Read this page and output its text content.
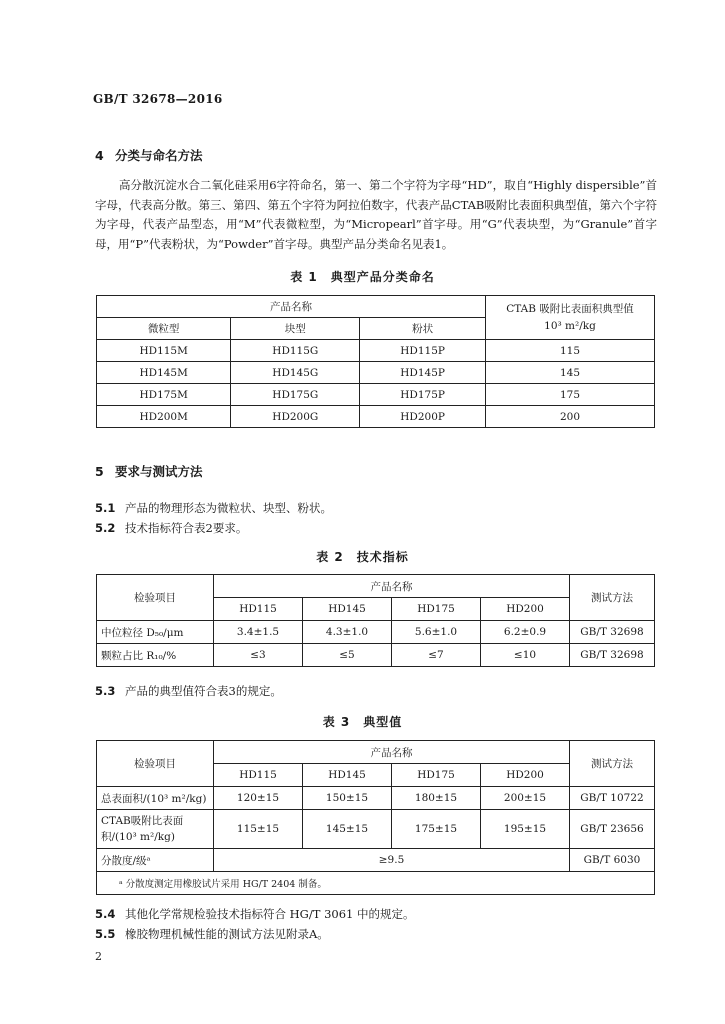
GB/T 32678—2016
4 分类与命名方法
高分散沉淀水合二氧化硅采用6字符命名，第一、第二个字符为字母“HD”，取自“Highly dispersible”首字母，代表高分散。第三、第四、第五个字符为阿拉伯数字，代表产品CTAB吸附比表面积典型值，第六个字符为字母，代表产品型态，用“M”代表微粒型，为“Micropearl”首字母。用“G”代表块型，为“Granule”首字母，用“P”代表粉状，为“Powder”首字母。典型产品分类命名见表1。
表 1　典型产品分类命名
产品名称			CTAB 吸附比表面积典型值
10³ m²/kg

微粒型	块型	粉状	
HD115M	HD115G	HD115P	115
HD145M	HD145G	HD145P	145
HD175M	HD175G	HD175P	175
HD200M	HD200G	HD200P	200
5 要求与测试方法
5.1 产品的物理形态为微粒状、块型、粉状。
5.2 技术指标符合表2要求。
表 2　技术指标
检验项目	产品名称				测试方法
	HD115	HD145	HD175	HD200	
中位粒径 D₅₀/μm	3.4±1.5	4.3±1.0	5.6±1.0	6.2±0.9	GB/T 32698
颗粒占比 R₁₀/%	≤3	≤5	≤7	≤10	GB/T 32698
5.3 产品的典型值符合表3的规定。
表 3　典型值
检验项目	产品名称				测试方法
	HD115	HD145	HD175	HD200	
总表面积/(10³ m²/kg)	120±15	150±15	180±15	200±15	GB/T 10722
CTAB吸附比表面积/(10³ m²/kg)	115±15	145±15	175±15	195±15	GB/T 23656
分散度/级ᵃ	≥9.5				GB/T 6030
ᵃ 分散度测定用橡胶试片采用 HG/T 2404 制备。					
5.4 其他化学常规检验技术指标符合 HG/T 3061 中的规定。
5.5 橡胶物理机械性能的测试方法见附录A。
2
